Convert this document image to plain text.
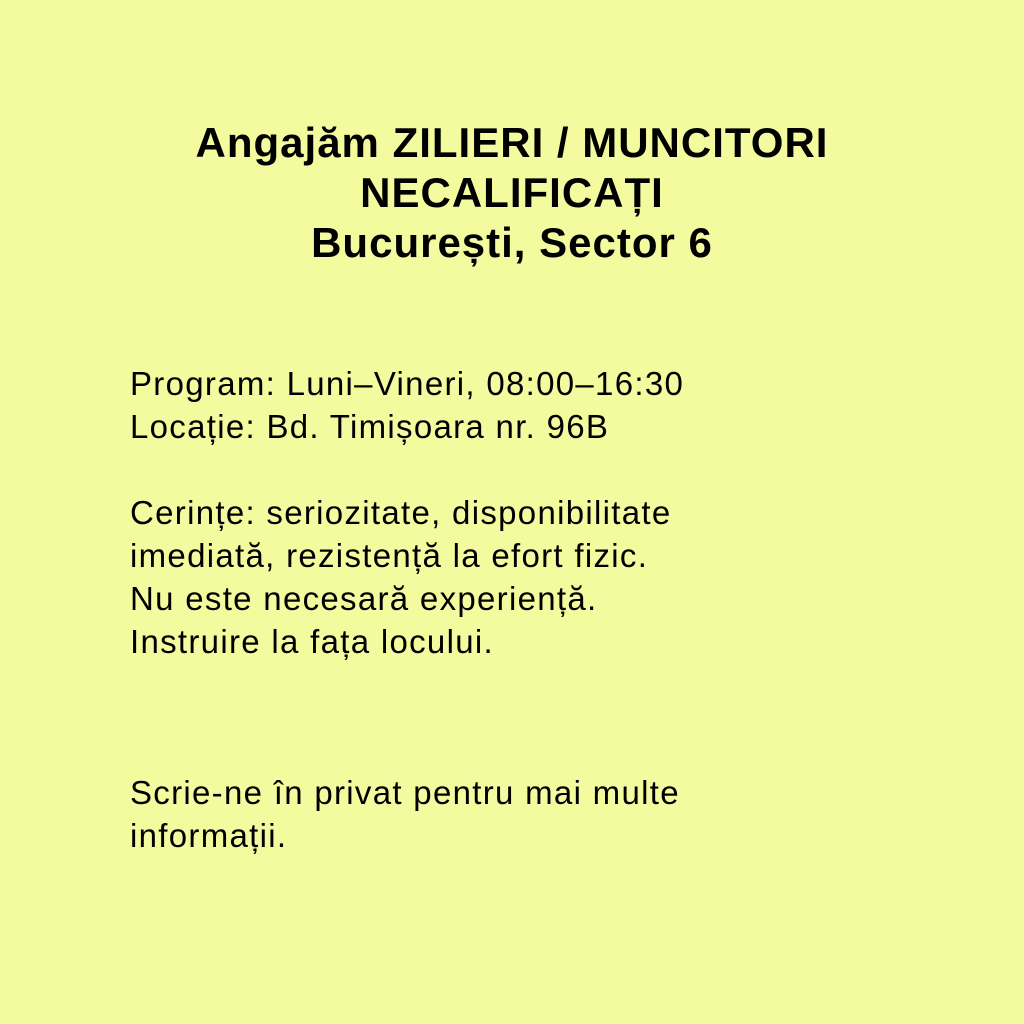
Angajăm ZILIERI / MUNCITORI
NECALIFICAȚI
București, Sector 6

Program: Luni–Vineri, 08:00–16:30

Locație: Bd. Timișoara nr. 96B

Cerințe: seriozitate, disponibilitate

imediată, rezistență la efort fizic.

Nu este necesară experiență.

Instruire la fața locului.

Scrie-ne în privat pentru mai multe

informații.
